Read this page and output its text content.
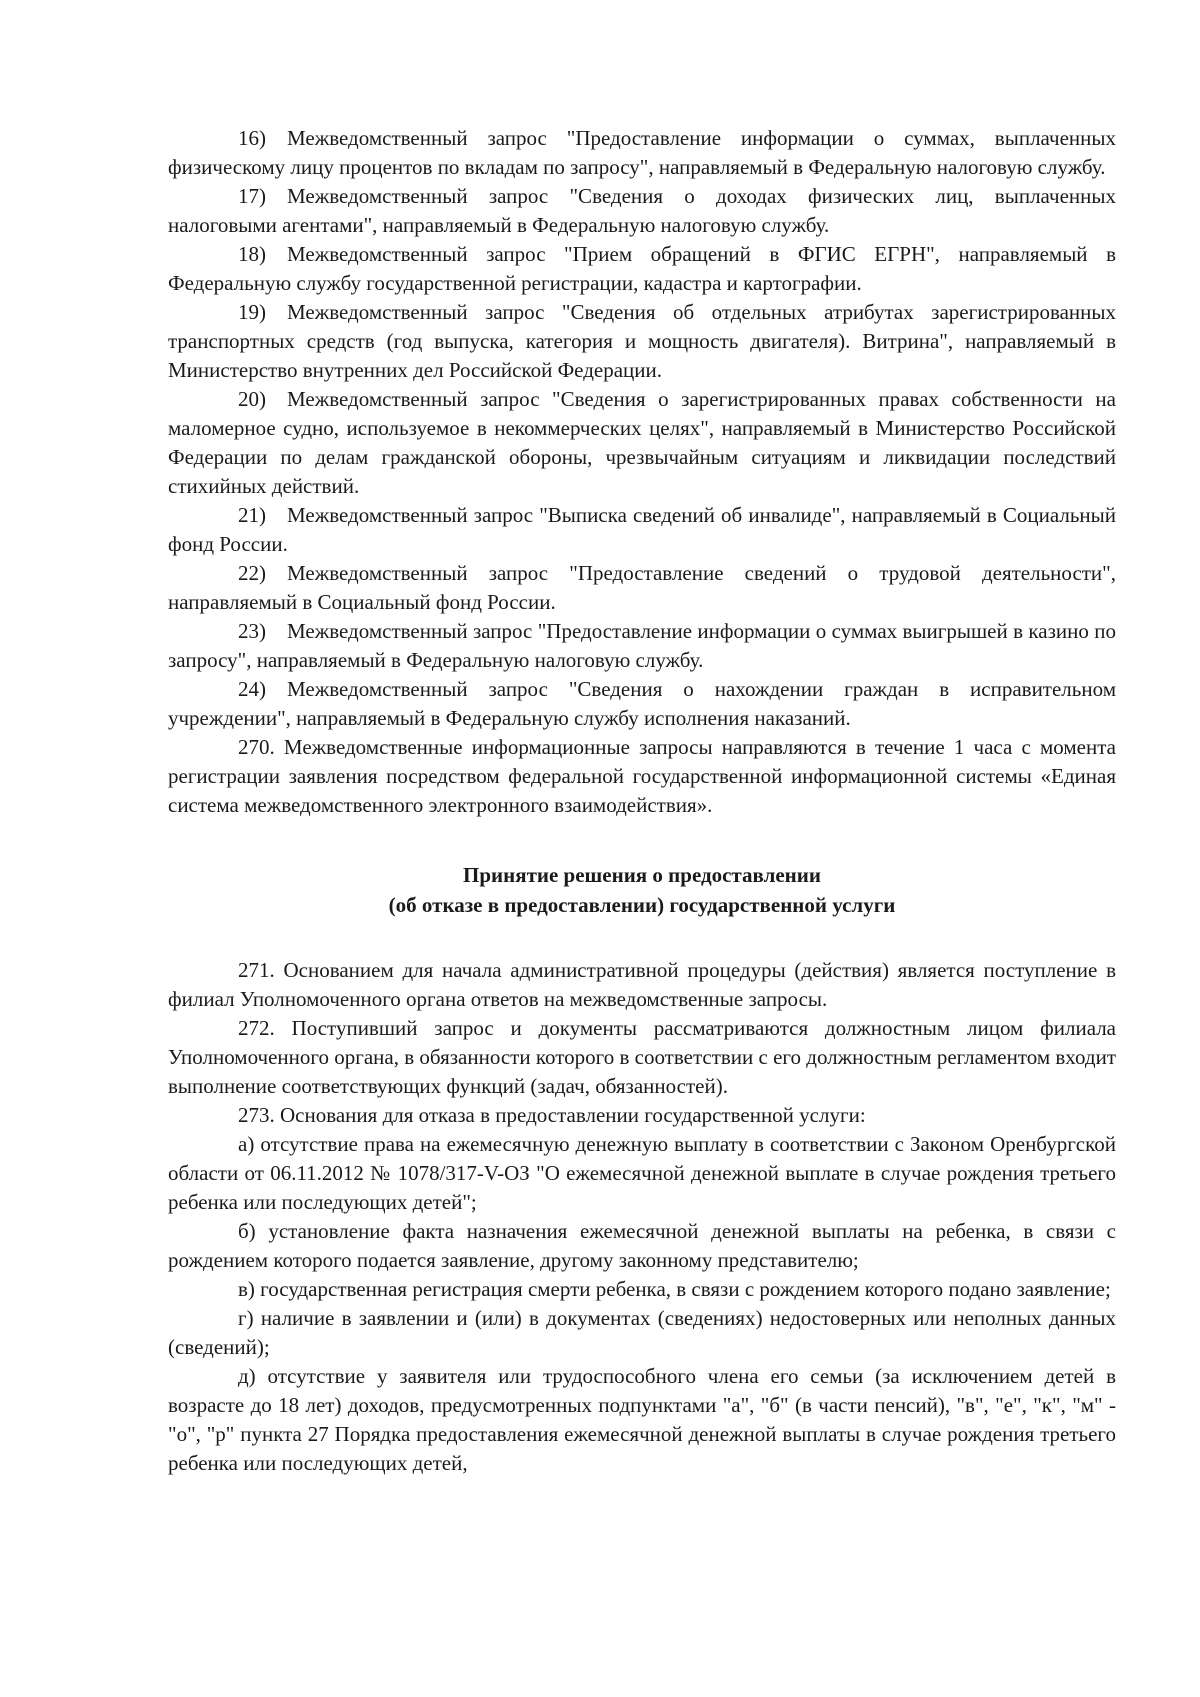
16) Межведомственный запрос "Предоставление информации о суммах, выплаченных физическому лицу процентов по вкладам по запросу", направляемый в Федеральную налоговую службу.

17) Межведомственный запрос "Сведения о доходах физических лиц, выплаченных налоговыми агентами", направляемый в Федеральную налоговую службу.

18) Межведомственный запрос "Прием обращений в ФГИС ЕГРН", направляемый в Федеральную службу государственной регистрации, кадастра и картографии.

19) Межведомственный запрос "Сведения об отдельных атрибутах зарегистрированных транспортных средств (год выпуска, категория и мощность двигателя). Витрина", направляемый в Министерство внутренних дел Российской Федерации.

20) Межведомственный запрос "Сведения о зарегистрированных правах собственности на маломерное судно, используемое в некоммерческих целях", направляемый в Министерство Российской Федерации по делам гражданской обороны, чрезвычайным ситуациям и ликвидации последствий стихийных действий.

21) Межведомственный запрос "Выписка сведений об инвалиде", направляемый в Социальный фонд России.

22) Межведомственный запрос "Предоставление сведений о трудовой деятельности", направляемый в Социальный фонд России.

23) Межведомственный запрос "Предоставление информации о суммах выигрышей в казино по запросу", направляемый в Федеральную налоговую службу.

24) Межведомственный запрос "Сведения о нахождении граждан в исправительном учреждении", направляемый в Федеральную службу исполнения наказаний.

270. Межведомственные информационные запросы направляются в течение 1 часа с момента регистрации заявления посредством федеральной государственной информационной системы «Единая система межведомственного электронного взаимодействия».

Принятие решения о предоставлении
(об отказе в предоставлении) государственной услуги

271. Основанием для начала административной процедуры (действия) является поступление в филиал Уполномоченного органа ответов на межведомственные запросы.

272. Поступивший запрос и документы рассматриваются должностным лицом филиала Уполномоченного органа, в обязанности которого в соответствии с его должностным регламентом входит выполнение соответствующих функций (задач, обязанностей).

273. Основания для отказа в предоставлении государственной услуги:

а) отсутствие права на ежемесячную денежную выплату в соответствии с Законом Оренбургской области от 06.11.2012 № 1078/317-V-ОЗ "О ежемесячной денежной выплате в случае рождения третьего ребенка или последующих детей";

б) установление факта назначения ежемесячной денежной выплаты на ребенка, в связи с рождением которого подается заявление, другому законному представителю;

в) государственная регистрация смерти ребенка, в связи с рождением которого подано заявление;

г) наличие в заявлении и (или) в документах (сведениях) недостоверных или неполных данных (сведений);

д) отсутствие у заявителя или трудоспособного члена его семьи (за исключением детей в возрасте до 18 лет) доходов, предусмотренных подпунктами "а", "б" (в части пенсий), "в", "е", "к", "м" - "о", "р" пункта 27 Порядка предоставления ежемесячной денежной выплаты в случае рождения третьего ребенка или последующих детей,
